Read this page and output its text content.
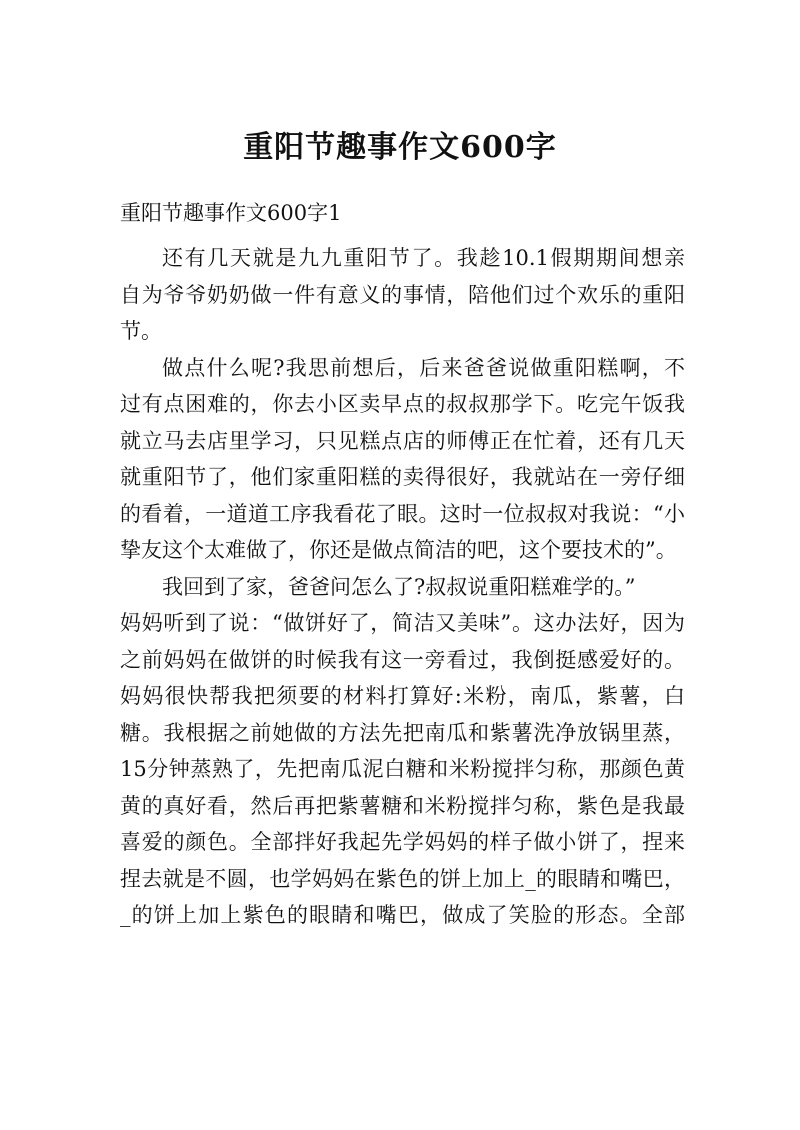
重阳节趣事作文600字
重阳节趣事作文600字1
还有几天就是九九重阳节了。我趁10.1假期期间想亲
自为爷爷奶奶做一件有意义的事情，陪他们过个欢乐的重阳
节。
做点什么呢?我思前想后，后来爸爸说做重阳糕啊，不
过有点困难的，你去小区卖早点的叔叔那学下。吃完午饭我
就立马去店里学习，只见糕点店的师傅正在忙着，还有几天
就重阳节了，他们家重阳糕的卖得很好，我就站在一旁仔细
的看着，一道道工序我看花了眼。这时一位叔叔对我说：“小
挚友这个太难做了，你还是做点简洁的吧，这个要技术的”。
我回到了家，爸爸问怎么了?叔叔说重阳糕难学的。”
妈妈听到了说：“做饼好了，简洁又美味”。这办法好，因为
之前妈妈在做饼的时候我有这一旁看过，我倒挺感爱好的。
妈妈很快帮我把须要的材料打算好:米粉，南瓜，紫薯，白
糖。我根据之前她做的方法先把南瓜和紫薯洗净放锅里蒸，
15分钟蒸熟了，先把南瓜泥白糖和米粉搅拌匀称，那颜色黄
黄的真好看，然后再把紫薯糖和米粉搅拌匀称，紫色是我最
喜爱的颜色。全部拌好我起先学妈妈的样子做小饼了，捏来
捏去就是不圆，也学妈妈在紫色的饼上加上_的眼睛和嘴巴，
_的饼上加上紫色的眼睛和嘴巴，做成了笑脸的形态。全部
